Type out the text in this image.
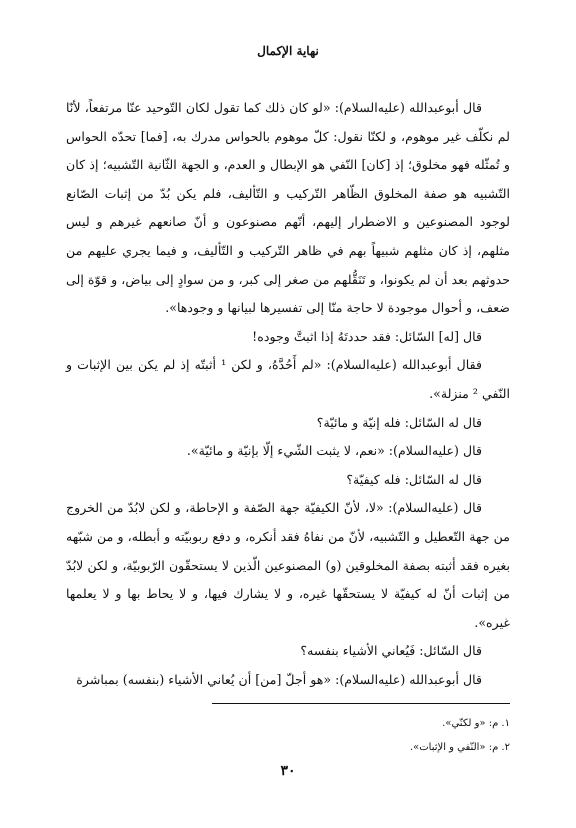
نهاية الإكمال

قال أبوعبدالله (عليه‌السلام): «لو كان ذلك كما تقول لكان التّوحيد عنّا مرتفعاً، لأنّا لم نكلّف غير موهوم، و لكنّا نقول: كلّ موهوم بالحواس مدرك به، [فما] تحدّه الحواس و تُمثّله فهو مخلوق؛ إذ [كان] النّفي هو الإبطال و العدم، و الجهة الثّانية التّشبيه؛ إذ كان التّشبيه هو صفة المخلوق الظّاهر التّركيب و التّأليف، فلم يكن بُدّ من إثبات الصّانع لوجود المصنوعين و الاضطرار إليهم، أنّهم مصنوعون و أنّ صانعهم غيرهم و ليس مثلهم، إذ كان مثلهم شبيهاً بهم في ظاهر التّركيب و التّأليف، و فيما يجري عليهم من حدوثهم بعد أن لم يكونوا، و تَنَقُّلهم من صغر إلى كبر، و من سوادٍ إلى بياض، و قوّة إلى ضعف، و أحوال موجودة لا حاجة منّا إلى تفسيرها لبيانها و وجودها».

قال [له] السّائل: فقد حددتَهُ إذا اثبتَّ وجوده!

فقال أبوعبدالله (عليه‌السلام): «لم أَحُدَّهُ، و لكن ¹ أثبتّه إذ لم يكن بين الإثبات و النّفي ² منزلة».

قال له السّائل: فله إنيّة و مائيّة؟

قال (عليه‌السلام): «نعم، لا يثبت الشّيء إلّا بإنيّة و مائيّة».

قال له السّائل: فله كيفيّة؟

قال (عليه‌السلام): «لا، لأنّ الكيفيّة جهة الصّفة و الإحاطة، و لكن لابُدّ من الخروج من جهة التّعطيل و التّشبيه، لأنّ من نفاهُ فقد أنكره، و دفع ربوبيّته و أبطله، و من شبّهه بغيره فقد أثبته بصفة المخلوقين (و) المصنوعين الّذين لا يستحقّون الرّبوبيّة، و لكن لابُدّ من إثبات أنّ له كيفيّة لا يستحقّها غيره، و لا يشارك فيها، و لا يحاط بها و لا يعلمها غيره».

قال السّائل: فَيُعاني الأشياء بنفسه؟

قال أبوعبدالله (عليه‌السلام): «هو أجلّ [من] أن يُعاني الأشياء (بنفسه) بمباشرة

١. م: «و لكنّي».
٢. م: «النّفي و الإثبات».
٣٠
